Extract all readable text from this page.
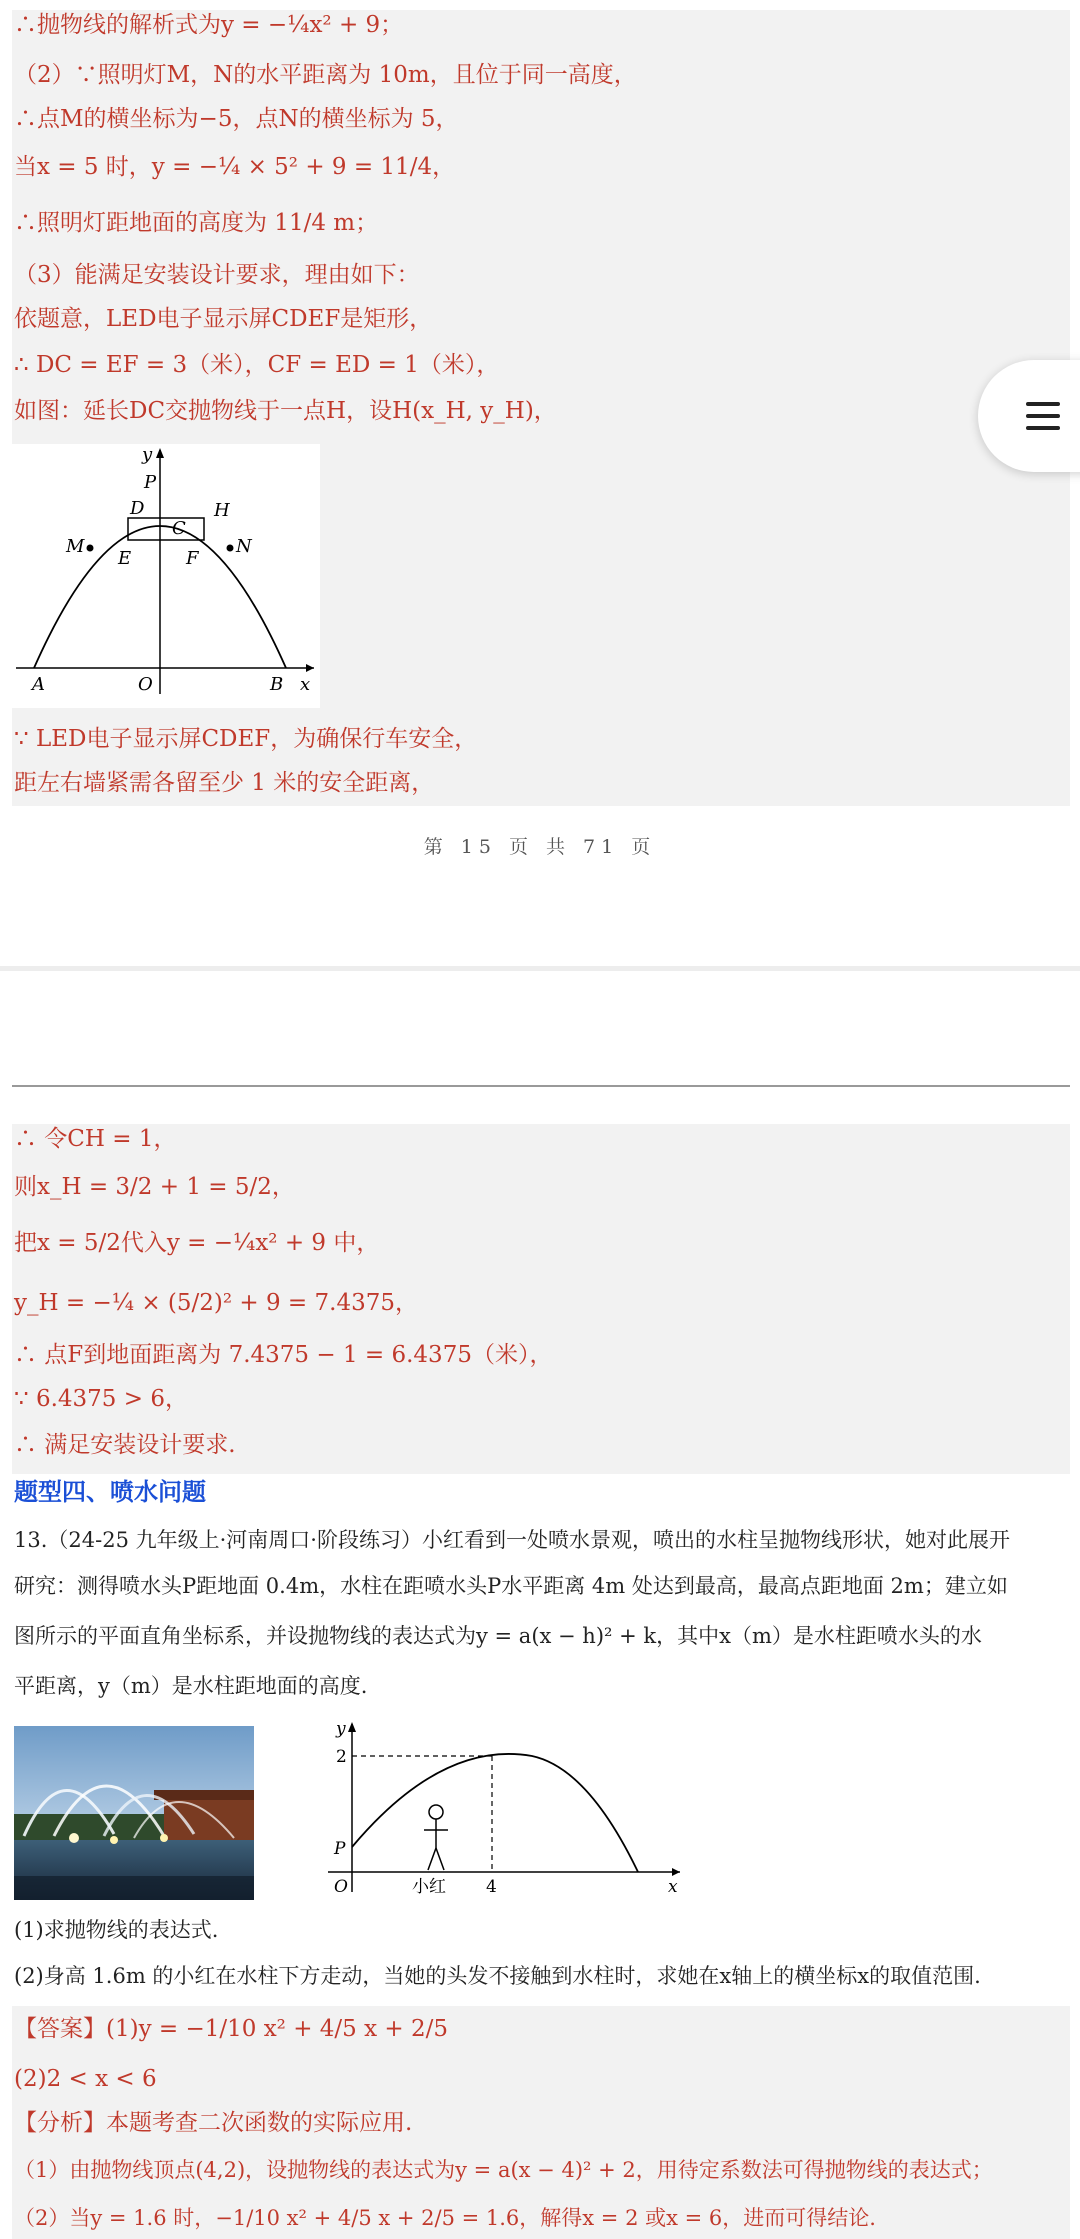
∴抛物线的解析式为y = −¼x² + 9；
（2）∵照明灯M，N的水平距离为 10m，且位于同一高度，
∴点M的横坐标为−5，点N的横坐标为 5，
当x = 5 时，y = −¼ × 5² + 9 = 11/4，
∴照明灯距地面的高度为 11/4 m；
（3）能满足安装设计要求，理由如下：
依题意，LED电子显示屏CDEF是矩形，
∴ DC = EF = 3（米），CF = ED = 1（米），
如图：延长DC交抛物线于一点H，设H(x_H, y_H)，
y
P
D
C
H
M	N
E	F
A	O	B x
∵ LED电子显示屏CDEF，为确保行车安全，
距左右墙紧需各留至少 1 米的安全距离，
第 15 页 共 71 页
∴ 令CH = 1，
则x_H = 3/2 + 1 = 5/2，
把x = 5/2代入y = −¼x² + 9 中，
y_H = −¼ × (5/2)² + 9 = 7.4375，
∴ 点F到地面距离为 7.4375 − 1 = 6.4375（米），
∵ 6.4375 > 6，
∴ 满足安装设计要求.
题型四、喷水问题
13.（24-25 九年级上·河南周口·阶段练习）小红看到一处喷水景观，喷出的水柱呈抛物线形状，她对此展开
研究：测得喷水头P距地面 0.4m，水柱在距喷水头P水平距离 4m 处达到最高，最高点距地面 2m；建立如
图所示的平面直角坐标系，并设抛物线的表达式为y = a(x − h)² + k，其中x（m）是水柱距喷水头的水
平距离，y（m）是水柱距地面的高度.
y
2
P
O	小红 4	x
(1)求抛物线的表达式.
(2)身高 1.6m 的小红在水柱下方走动，当她的头发不接触到水柱时，求她在x轴上的横坐标x的取值范围.
【答案】(1)y = −1/10 x² + 4/5 x + 2/5
(2)2 < x < 6
【分析】本题考查二次函数的实际应用.
（1）由抛物线顶点(4,2)，设抛物线的表达式为y = a(x − 4)² + 2，用待定系数法可得抛物线的表达式；
（2）当y = 1.6 时，−1/10 x² + 4/5 x + 2/5 = 1.6，解得x = 2 或x = 6，进而可得结论.
